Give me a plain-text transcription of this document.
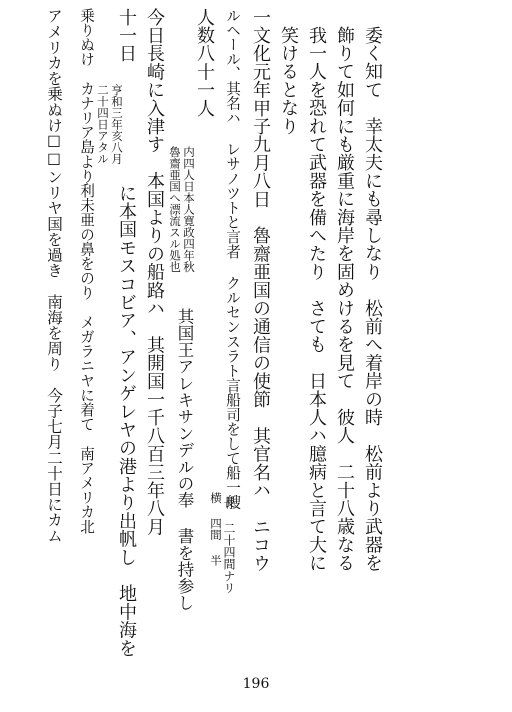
委く知て　幸太夫にも尋しなり　松前へ着岸の時　松前より武器を
飾りて如何にも厳重に海岸を固めけるを見て　彼人　二十八歳なる
我一人を恐れて武器を備へたり　さても　日本人ハ臆病と言て大に
笑けるとなり
一文化元年甲子九月八日　魯齋亜国の通信の使節　其官名ハ　ニコウ
ルヘール、其名ハ レサノツトと言者 クルセンスラト言船司をして船一艘
長 二十四間ナリ
横 四間 半
人数八十一人
内四人日本人寛政四年秋
魯齋亜国へ漂流スル処也
其国王アレキサンデルの奉 書を持参し
今日長崎に入津す　本国よりの船路ハ　其開国一千八百三年八月
十一日
亨和三年亥八月
二十四日アタル
に本国モスコビア、アンゲレヤの港より出帆し　地中海を
乗りぬけ　カナリア島より利未亜の鼻をのり　メガラニヤに着て　南アメリカ北
アメリカを乗ぬけ☐☐ンリヤ国を過き　南海を周り　今子七月二十日にカム
196
